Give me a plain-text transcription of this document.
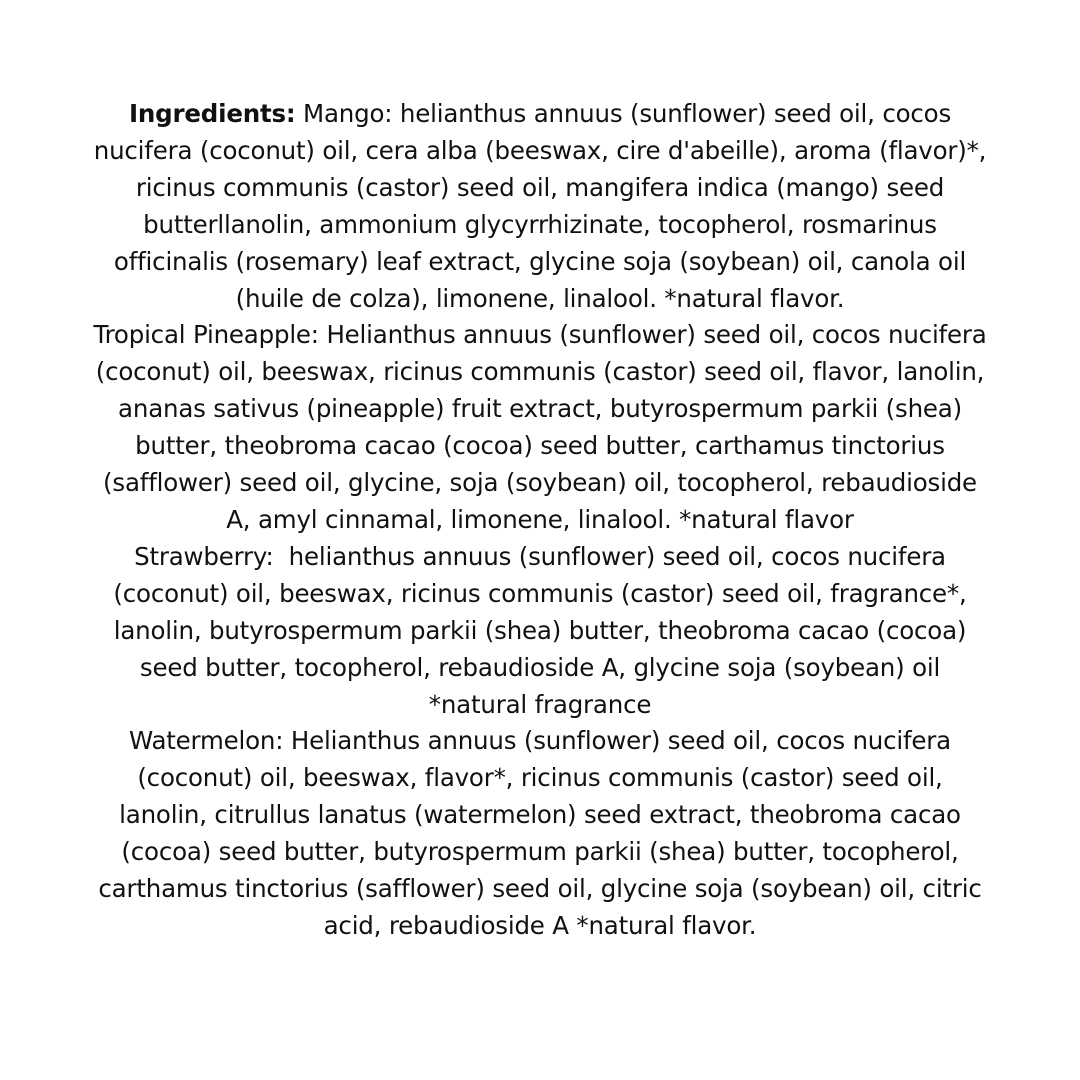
Ingredients: Mango: helianthus annuus (sunflower) seed oil, cocos nucifera (coconut) oil, cera alba (beeswax, cire d'abeille), aroma (flavor)*, ricinus communis (castor) seed oil, mangifera indica (mango) seed butterllanolin, ammonium glycyrrhizinate, tocopherol, rosmarinus officinalis (rosemary) leaf extract, glycine soja (soybean) oil, canola oil (huile de colza), limonene, linalool. *natural flavor.

Tropical Pineapple: Helianthus annuus (sunflower) seed oil, cocos nucifera (coconut) oil, beeswax, ricinus communis (castor) seed oil, flavor, lanolin, ananas sativus (pineapple) fruit extract, butyrospermum parkii (shea) butter, theobroma cacao (cocoa) seed butter, carthamus tinctorius (safflower) seed oil, glycine, soja (soybean) oil, tocopherol, rebaudioside A, amyl cinnamal, limonene, linalool. *natural flavor

Strawberry:  helianthus annuus (sunflower) seed oil, cocos nucifera (coconut) oil, beeswax, ricinus communis (castor) seed oil, fragrance*, lanolin, butyrospermum parkii (shea) butter, theobroma cacao (cocoa) seed butter, tocopherol, rebaudioside A, glycine soja (soybean) oil *natural fragrance

Watermelon: Helianthus annuus (sunflower) seed oil, cocos nucifera (coconut) oil, beeswax, flavor*, ricinus communis (castor) seed oil, lanolin, citrullus lanatus (watermelon) seed extract, theobroma cacao (cocoa) seed butter, butyrospermum parkii (shea) butter, tocopherol, carthamus tinctorius (safflower) seed oil, glycine soja (soybean) oil, citric acid, rebaudioside A *natural flavor.
